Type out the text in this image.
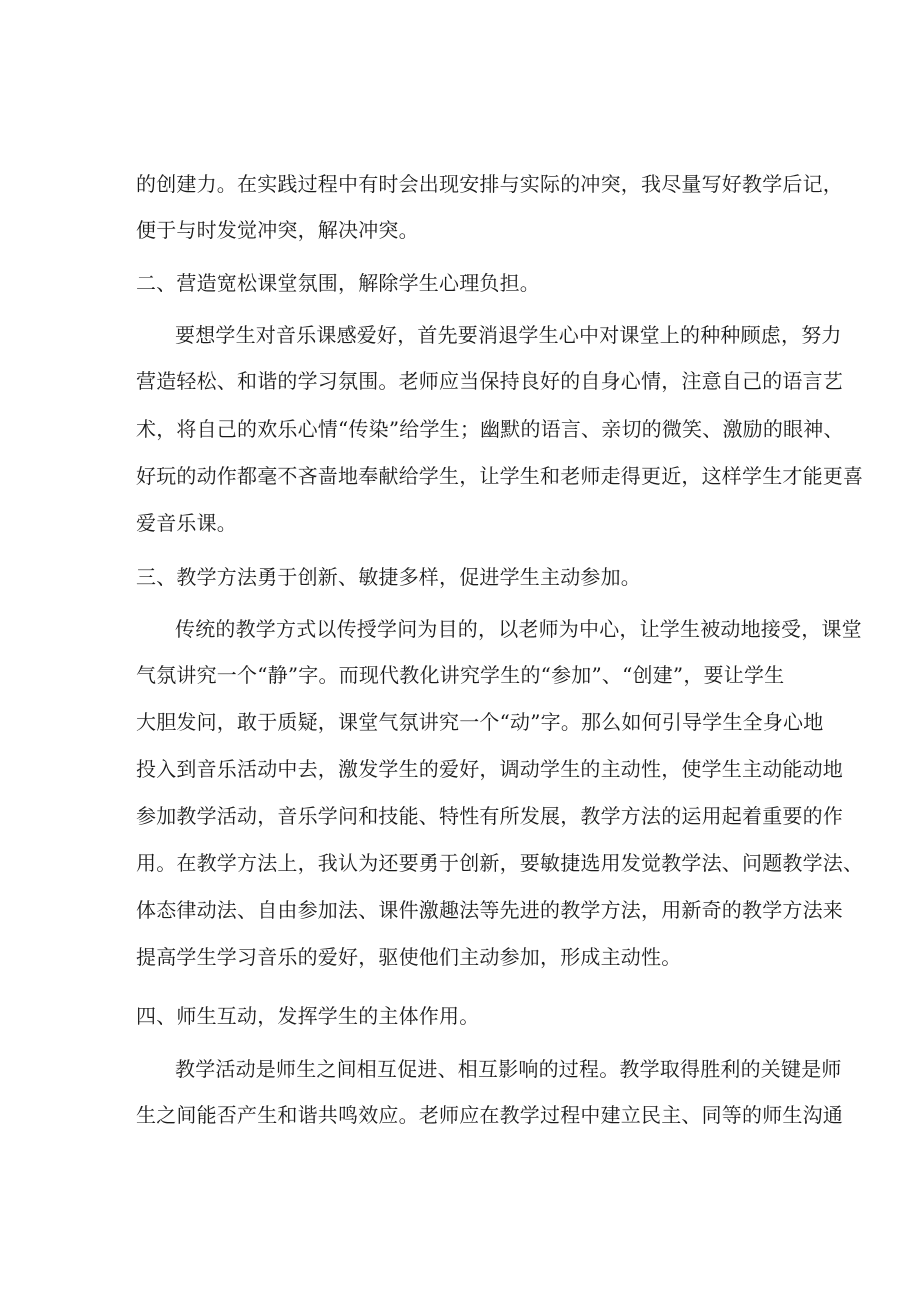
的创建力。在实践过程中有时会出现安排与实际的冲突，我尽量写好教学后记，
便于与时发觉冲突，解决冲突。
二、营造宽松课堂氛围，解除学生心理负担。
要想学生对音乐课感爱好，首先要消退学生心中对课堂上的种种顾虑，努力
营造轻松、和谐的学习氛围。老师应当保持良好的自身心情，注意自己的语言艺
术，将自己的欢乐心情“传染”给学生；幽默的语言、亲切的微笑、激励的眼神、
好玩的动作都毫不吝啬地奉献给学生，让学生和老师走得更近，这样学生才能更喜
爱音乐课。
三、教学方法勇于创新、敏捷多样，促进学生主动参加。
传统的教学方式以传授学问为目的，以老师为中心，让学生被动地接受，课堂
气氛讲究一个“静”字。而现代教化讲究学生的“参加”、“创建”，要让学生
大胆发问，敢于质疑，课堂气氛讲究一个“动”字。那么如何引导学生全身心地
投入到音乐活动中去，激发学生的爱好，调动学生的主动性，使学生主动能动地
参加教学活动，音乐学问和技能、特性有所发展，教学方法的运用起着重要的作
用。在教学方法上，我认为还要勇于创新，要敏捷选用发觉教学法、问题教学法、
体态律动法、自由参加法、课件激趣法等先进的教学方法，用新奇的教学方法来
提高学生学习音乐的爱好，驱使他们主动参加，形成主动性。
四、师生互动，发挥学生的主体作用。
教学活动是师生之间相互促进、相互影响的过程。教学取得胜利的关键是师
生之间能否产生和谐共鸣效应。老师应在教学过程中建立民主、同等的师生沟通
